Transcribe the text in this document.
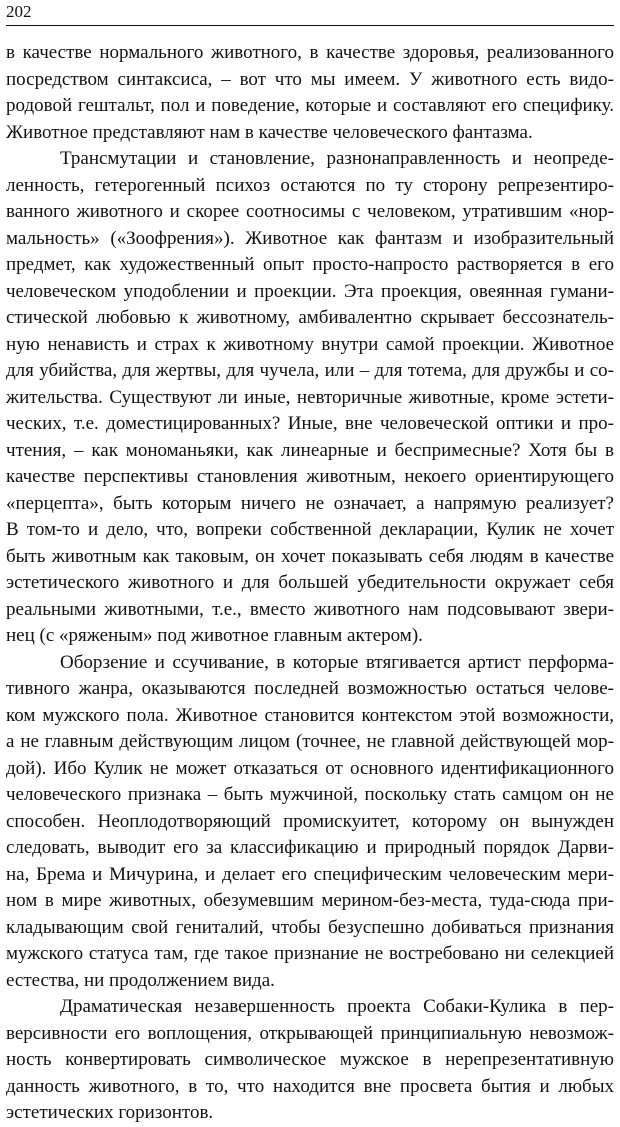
202
в качестве нормального животного, в качестве здоровья, реализованного
посредством синтаксиса, – вот что мы имеем. У животного есть видо-
родовой гештальт, пол и поведение, которые и составляют его специфику.
Животное представляют нам в качестве человеческого фантазма.
Трансмутации и становление, разнонаправленность и неопреде-
ленность, гетерогенный психоз остаются по ту сторону репрезентиро-
ванного животного и скорее соотносимы с человеком, утратившим «нор-
мальность» («Зоофрения»). Животное как фантазм и изобразительный
предмет, как художественный опыт просто-напросто растворяется в его
человеческом уподоблении и проекции. Эта проекция, овеянная гумани-
стической любовью к животному, амбивалентно скрывает бессознатель-
ную ненависть и страх к животному внутри самой проекции. Животное
для убийства, для жертвы, для чучела, или – для тотема, для дружбы и со-
жительства. Существуют ли иные, невторичные животные, кроме эстети-
ческих, т.е. доместицированных? Иные, вне человеческой оптики и про-
чтения, – как мономаньяки, как линеарные и беспримесные? Хотя бы в
качестве перспективы становления животным, некоего ориентирующего
«перцепта», быть которым ничего не означает, а напрямую реализует?
В том-то и дело, что, вопреки собственной декларации, Кулик не хочет
быть животным как таковым, он хочет показывать себя людям в качестве
эстетического животного и для большей убедительности окружает себя
реальными животными, т.е., вместо животного нам подсовывают звери-
нец (с «ряженым» под животное главным актером).
Оборзение и ссучивание, в которые втягивается артист перформа-
тивного жанра, оказываются последней возможностью остаться челове-
ком мужского пола. Животное становится контекстом этой возможности,
а не главным действующим лицом (точнее, не главной действующей мор-
дой). Ибо Кулик не может отказаться от основного идентификационного
человеческого признака – быть мужчиной, поскольку стать самцом он не
способен. Неоплодотворяющий промискуитет, которому он вынужден
следовать, выводит его за классификацию и природный порядок Дарви-
на, Брема и Мичурина, и делает его специфическим человеческим мери-
ном в мире животных, обезумевшим мерином-без-места, туда-сюда при-
кладывающим свой гениталий, чтобы безуспешно добиваться признания
мужского статуса там, где такое признание не востребовано ни селекцией
естества, ни продолжением вида.
Драматическая незавершенность проекта Собаки-Кулика в пер-
версивности его воплощения, открывающей принципиальную невозмож-
ность конвертировать символическое мужское в нерепрезентативную
данность животного, в то, что находится вне просвета бытия и любых
эстетических горизонтов.
